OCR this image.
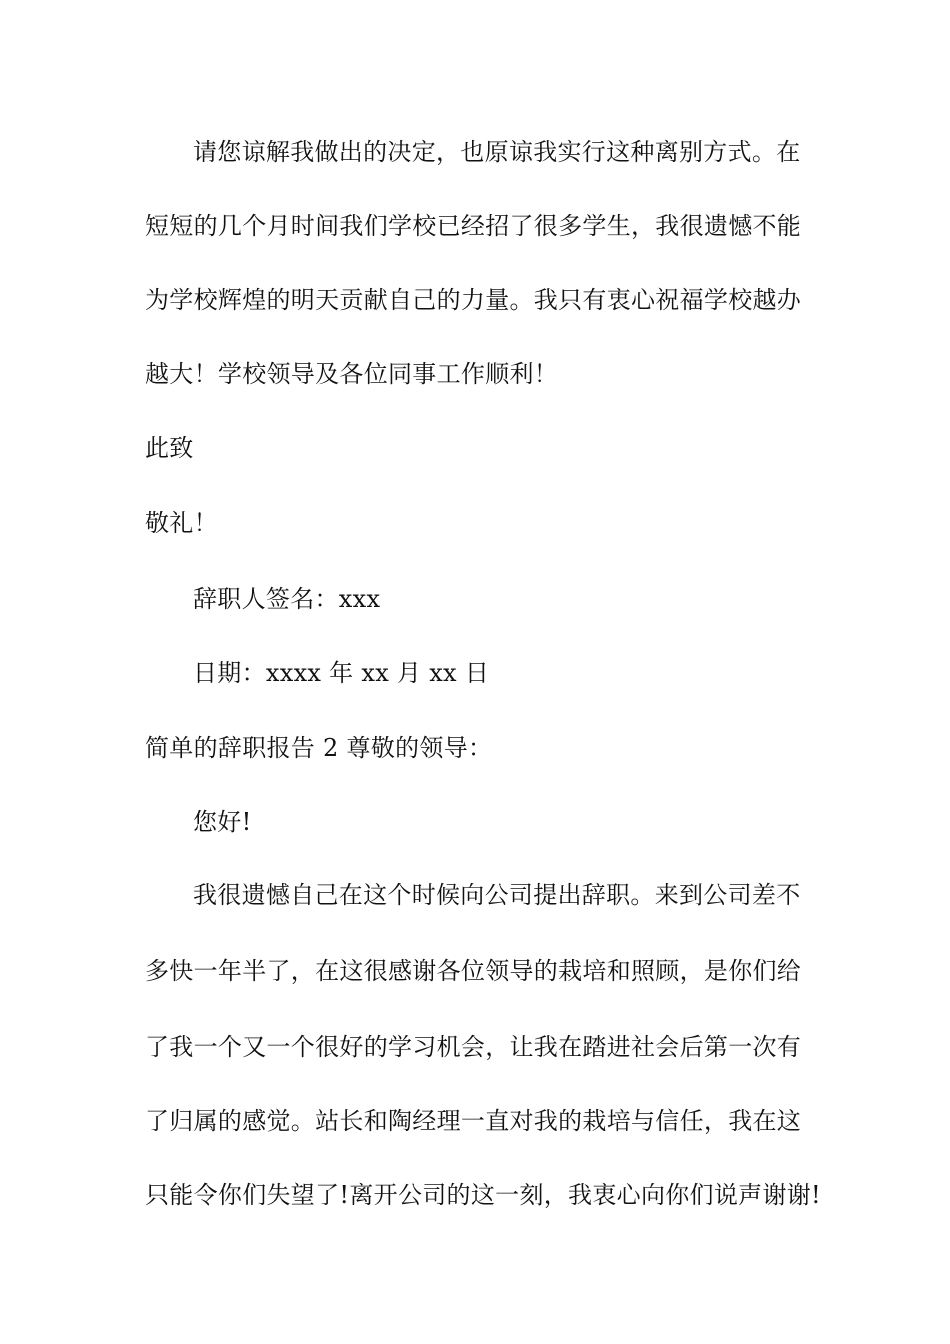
请您谅解我做出的决定，也原谅我实行这种离别方式。在
短短的几个月时间我们学校已经招了很多学生，我很遗憾不能
为学校辉煌的明天贡献自己的力量。我只有衷心祝福学校越办
越大！学校领导及各位同事工作顺利！
此致
敬礼！
辞职人签名：xxx
日期：xxxx 年 xx 月 xx 日
简单的辞职报告 2 尊敬的领导：
您好!
我很遗憾自己在这个时候向公司提出辞职。来到公司差不
多快一年半了，在这很感谢各位领导的栽培和照顾，是你们给
了我一个又一个很好的学习机会，让我在踏进社会后第一次有
了归属的感觉。站长和陶经理一直对我的栽培与信任，我在这
只能令你们失望了!离开公司的这一刻，我衷心向你们说声谢谢!
